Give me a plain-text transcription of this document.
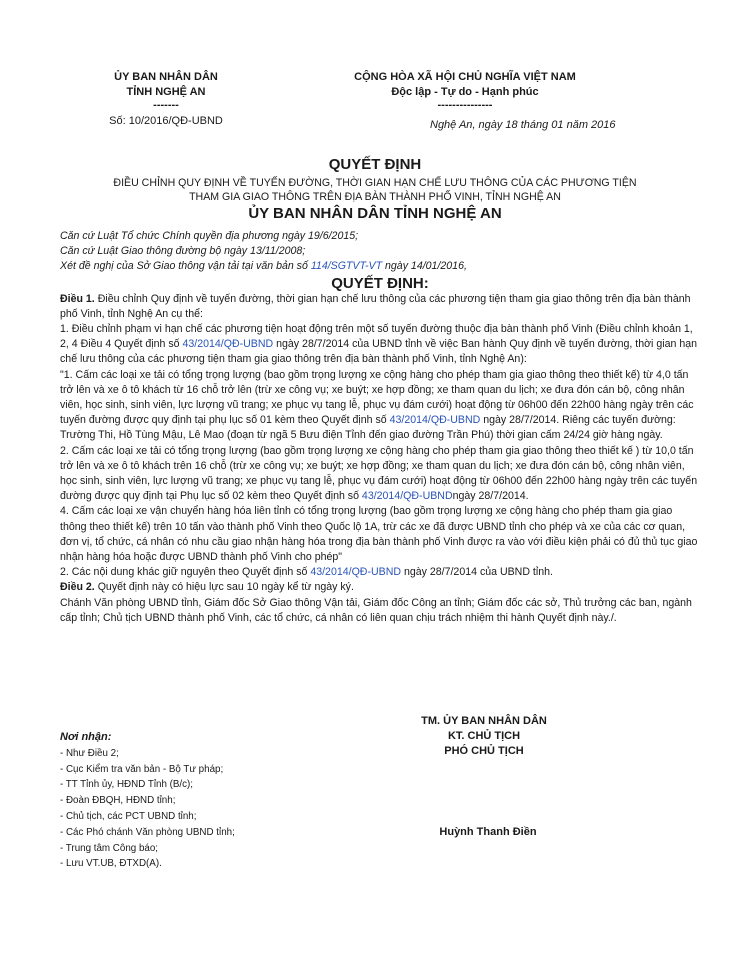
ỦY BAN NHÂN DÂN
TỈNH NGHỆ AN
-------
Số: 10/2016/QĐ-UBND
CỘNG HÒA XÃ HỘI CHỦ NGHĨA VIỆT NAM
Độc lập - Tự do - Hạnh phúc
---------------
Nghệ An, ngày 18 tháng 01 năm 2016
QUYẾT ĐỊNH
ĐIỀU CHỈNH QUY ĐỊNH VỀ TUYẾN ĐƯỜNG, THỜI GIAN HẠN CHẾ LƯU THÔNG CỦA CÁC PHƯƠNG TIỆN
THAM GIA GIAO THÔNG TRÊN ĐỊA BÀN THÀNH PHỐ VINH, TỈNH NGHỆ AN
ỦY BAN NHÂN DÂN TỈNH NGHỆ AN

Căn cứ Luật Tổ chức Chính quyền địa phương ngày 19/6/2015;

Căn cứ Luật Giao thông đường bộ ngày 13/11/2008;

Xét đề nghị của Sở Giao thông vận tải tại văn bản số 114/SGTVT-VT ngày 14/01/2016,

QUYẾT ĐỊNH:

Điều 1. Điều chỉnh Quy định về tuyến đường, thời gian hạn chế lưu thông của các phương tiện tham gia giao thông trên địa bàn thành phố Vinh, tỉnh Nghệ An cụ thể:

1. Điều chỉnh phạm vi hạn chế các phương tiện hoạt động trên một số tuyến đường thuộc địa bàn thành phố Vinh (Điều chỉnh khoản 1, 2, 4 Điều 4 Quyết định số 43/2014/QĐ-UBND ngày 28/7/2014 của UBND tỉnh về việc Ban hành Quy định về tuyến đường, thời gian hạn chế lưu thông của các phương tiện tham gia giao thông trên địa bàn thành phố Vinh, tỉnh Nghệ An):

"1. Cấm các loại xe tải có tổng trọng lượng (bao gồm trọng lượng xe cộng hàng cho phép tham gia giao thông theo thiết kế) từ 4,0 tấn trở lên và xe ô tô khách từ 16 chỗ trở lên (trừ xe công vụ; xe buýt; xe hợp đồng; xe tham quan du lịch; xe đưa đón cán bộ, công nhân viên, học sinh, sinh viên, lực lượng vũ trang; xe phục vụ tang lễ, phục vụ đám cưới) hoạt động từ 06h00 đến 22h00 hàng ngày trên các tuyến đường được quy định tại phụ lục số 01 kèm theo Quyết định số 43/2014/QĐ-UBND ngày 28/7/2014. Riêng các tuyến đường: Trường Thi, Hồ Tùng Mậu, Lê Mao (đoạn từ ngã 5 Bưu điện Tỉnh đến giao đường Trần Phú) thời gian cấm 24/24 giờ hàng ngày.

2. Cấm các loại xe tải có tổng trọng lượng (bao gồm trọng lượng xe cộng hàng cho phép tham gia giao thông theo thiết kế ) từ 10,0 tấn trở lên và xe ô tô khách trên 16 chỗ (trừ xe công vụ; xe buýt; xe hợp đồng; xe tham quan du lịch; xe đưa đón cán bộ, công nhân viên, học sinh, sinh viên, lực lượng vũ trang; xe phục vụ tang lễ, phục vụ đám cưới) hoạt động từ 06h00 đến 22h00 hàng ngày trên các tuyến đường được quy định tại Phụ lục số 02 kèm theo Quyết định số 43/2014/QĐ-UBNDngày 28/7/2014.

4. Cấm các loại xe vận chuyển hàng hóa liên tỉnh có tổng trọng lượng (bao gồm trọng lượng xe cộng hàng cho phép tham gia giao thông theo thiết kế) trên 10 tấn vào thành phố Vinh theo Quốc lộ 1A, trừ các xe đã được UBND tỉnh cho phép và xe của các cơ quan, đơn vị, tổ chức, cá nhân có nhu cầu giao nhận hàng hóa trong địa bàn thành phố Vinh được ra vào với điều kiện phải có đủ thủ tục giao nhận hàng hóa hoặc được UBND thành phố Vinh cho phép"

2. Các nội dung khác giữ nguyên theo Quyết định số 43/2014/QĐ-UBND ngày 28/7/2014 của UBND tỉnh.

Điều 2. Quyết định này có hiệu lực sau 10 ngày kể từ ngày ký.

Chánh Văn phòng UBND tỉnh, Giám đốc Sở Giao thông Vận tải, Giám đốc Công an tỉnh; Giám đốc các sở, Thủ trưởng các ban, ngành cấp tỉnh; Chủ tịch UBND thành phố Vinh, các tổ chức, cá nhân có liên quan chịu trách nhiệm thi hành Quyết định này./.

Nơi nhận:
- Như Điều 2;
- Cục Kiểm tra văn bản - Bộ Tư pháp;
- TT Tỉnh ủy, HĐND Tỉnh (B/c);
- Đoàn ĐBQH, HĐND tỉnh;
- Chủ tịch, các PCT UBND tỉnh;
- Các Phó chánh Văn phòng UBND tỉnh;
- Trung tâm Công báo;
- Lưu VT.UB, ĐTXD(A).
TM. ỦY BAN NHÂN DÂN
KT. CHỦ TỊCH
PHÓ CHỦ TỊCH
Huỳnh Thanh Điền
